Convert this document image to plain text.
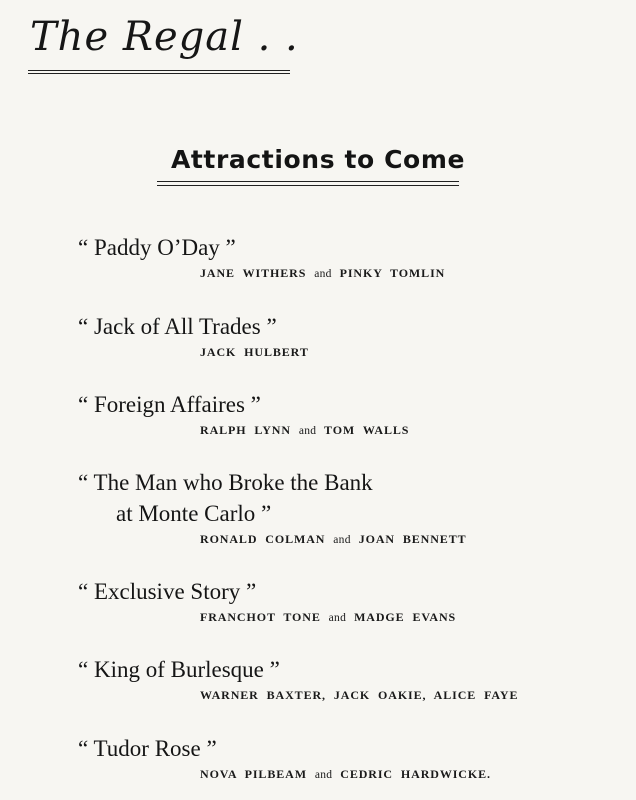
The Regal . .
Attractions to Come
“ Paddy O’Day ”
JANE WITHERS and PINKY TOMLIN
“ Jack of All Trades ”
JACK HULBERT
“ Foreign Affaires ”
RALPH LYNN and TOM WALLS
“ The Man who Broke the Bank
at Monte Carlo ”
RONALD COLMAN and JOAN BENNETT
“ Exclusive Story ”
FRANCHOT TONE and MADGE EVANS
“ King of Burlesque ”
WARNER BAXTER, JACK OAKIE, ALICE FAYE
“ Tudor Rose ”
NOVA PILBEAM and CEDRIC HARDWICKE.
